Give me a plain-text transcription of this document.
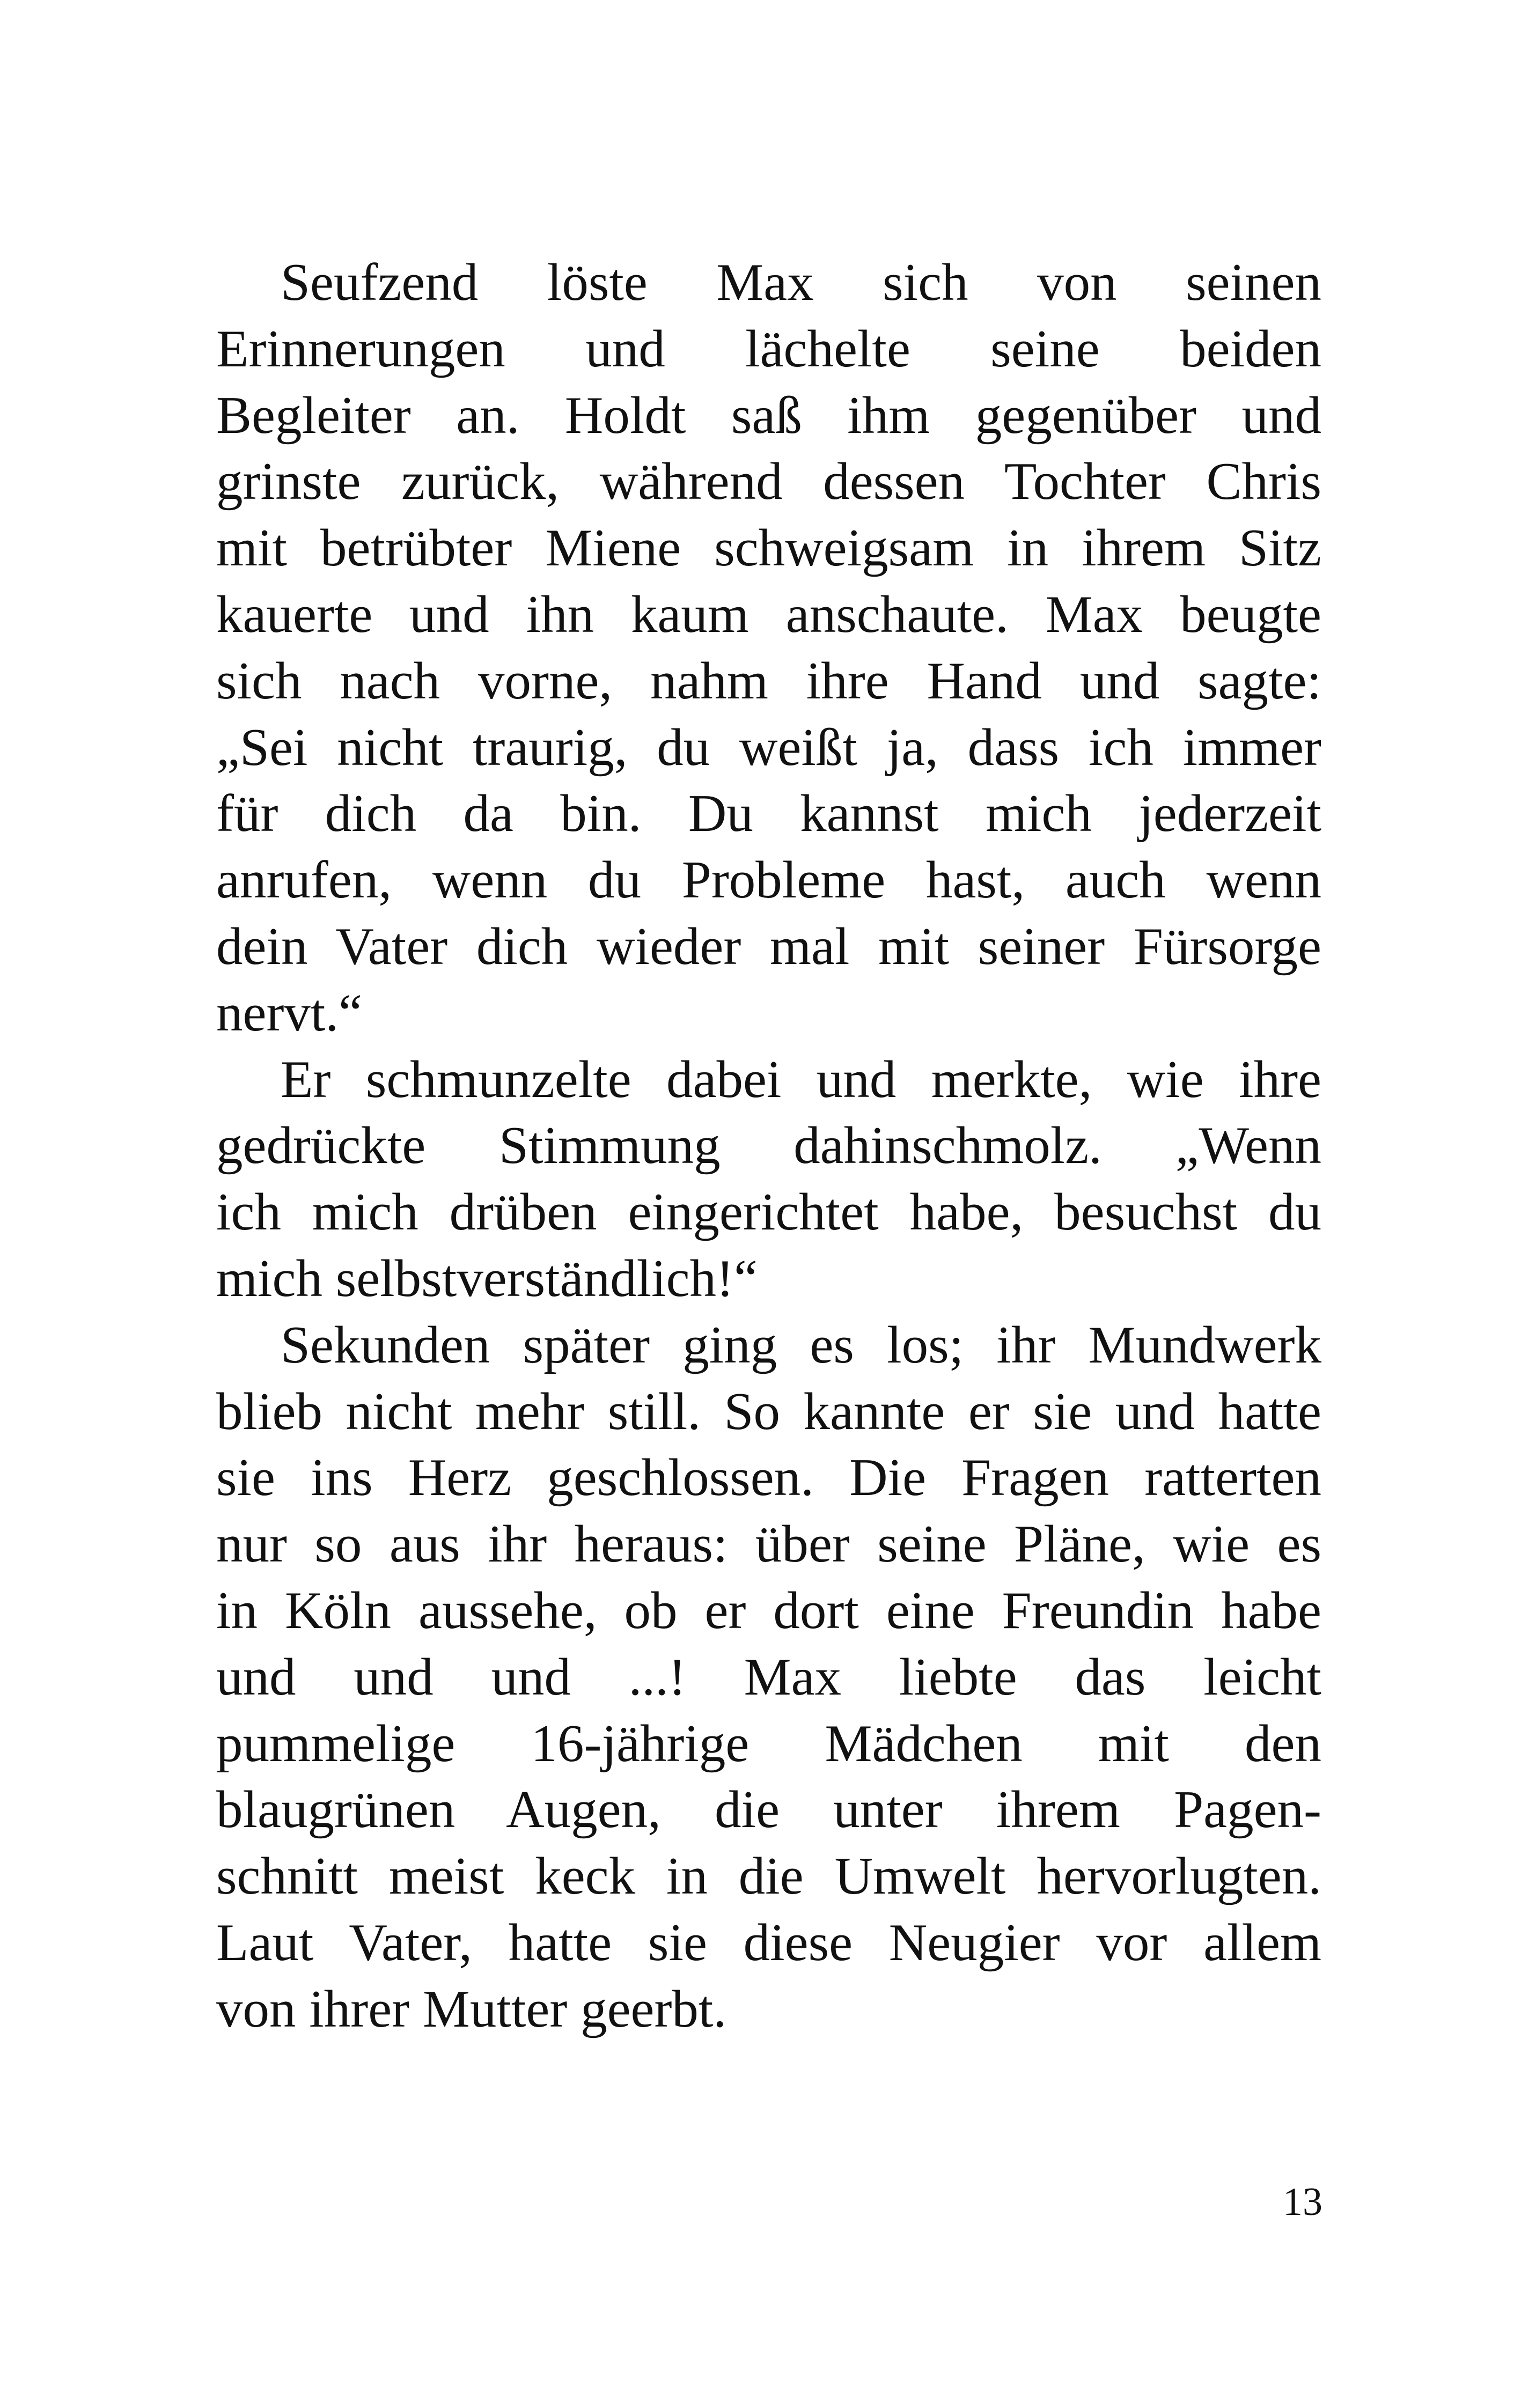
Seufzend löste Max sich von seinen
Erinnerungen und lächelte seine beiden
Begleiter an. Holdt saß ihm gegenüber und
grinste zurück, während dessen Tochter Chris
mit betrübter Miene schweigsam in ihrem Sitz
kauerte und ihn kaum anschaute. Max beugte
sich nach vorne, nahm ihre Hand und sagte:
„Sei nicht traurig, du weißt ja, dass ich immer
für dich da bin. Du kannst mich jederzeit
anrufen, wenn du Probleme hast, auch wenn
dein Vater dich wieder mal mit seiner Fürsorge
nervt.“
Er schmunzelte dabei und merkte, wie ihre
gedrückte Stimmung dahinschmolz. „Wenn
ich mich drüben eingerichtet habe, besuchst du
mich selbstverständlich!“
Sekunden später ging es los; ihr Mundwerk
blieb nicht mehr still. So kannte er sie und hatte
sie ins Herz geschlossen. Die Fragen ratterten
nur so aus ihr heraus: über seine Pläne, wie es
in Köln aussehe, ob er dort eine Freundin habe
und und und ...! Max liebte das leicht
pummelige 16-jährige Mädchen mit den
blaugrünen Augen, die unter ihrem Pagen-
schnitt meist keck in die Umwelt hervorlugten.
Laut Vater, hatte sie diese Neugier vor allem
von ihrer Mutter geerbt.
13
